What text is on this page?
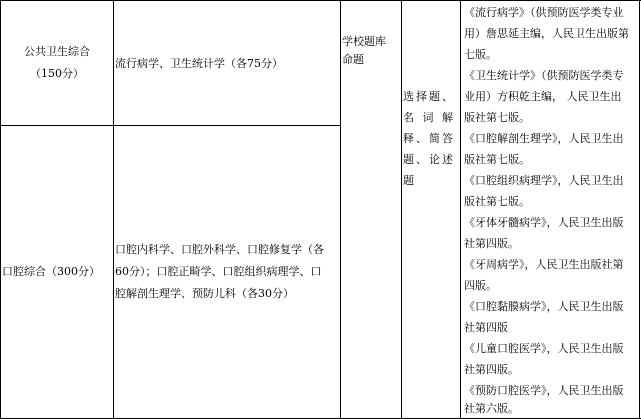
公共卫生综合
（150分）
流行病学、卫生统计学（各75分）
口腔综合（300分）
口腔内科学、口腔外科学、口腔修复学（各
60分）；口腔正畸学、口腔组织病理学、口
腔解剖生理学、预防儿科（各30分）
学校题库
命题
选择题、
名 词 解
释、简答
题、论述
题
《流行病学》（供预防医学类专业
用）詹思延主编，人民卫生出版第
七版。
《卫生统计学》（供预防医学类专
业用）方积乾主编， 人民卫生出
版社第七版。
《口腔解剖生理学》，人民卫生出
版社第七版。
《口腔组织病理学》，人民卫生出
版社第七版。
《牙体牙髓病学》，人民卫生出版
社第四版。
《牙周病学》，人民卫生出版社第
四版。
《口腔黏膜病学》，人民卫生出版
社第四版
《儿童口腔医学》，人民卫生出版
社第四版。
《预防口腔医学》，人民卫生出版
社第六版。
